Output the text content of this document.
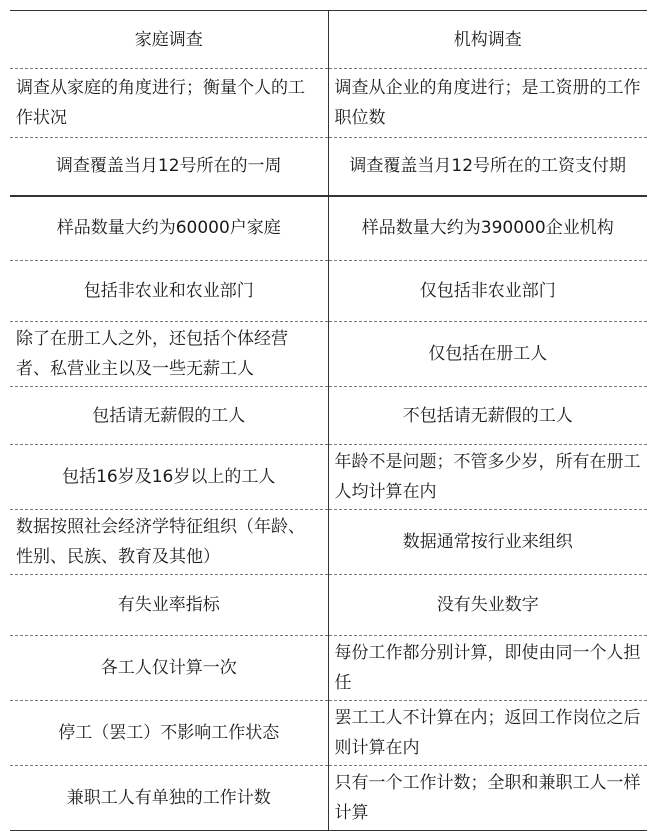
家庭调查	机构调查
调查从家庭的角度进行；衡量个人的工作状况	调查从企业的角度进行；是工资册的工作职位数
调查覆盖当月12号所在的一周	调查覆盖当月12号所在的工资支付期
样品数量大约为60000户家庭	样品数量大约为390000企业机构
包括非农业和农业部门	仅包括非农业部门
除了在册工人之外，还包括个体经营者、私营业主以及一些无薪工人	仅包括在册工人
包括请无薪假的工人	不包括请无薪假的工人
包括16岁及16岁以上的工人	年龄不是问题；不管多少岁，所有在册工人均计算在内
数据按照社会经济学特征组织（年龄、性别、民族、教育及其他）	数据通常按行业来组织
有失业率指标	没有失业数字
各工人仅计算一次	每份工作都分别计算，即使由同一个人担任
停工（罢工）不影响工作状态	罢工工人不计算在内；返回工作岗位之后则计算在内
兼职工人有单独的工作计数	只有一个工作计数；全职和兼职工人一样计算
